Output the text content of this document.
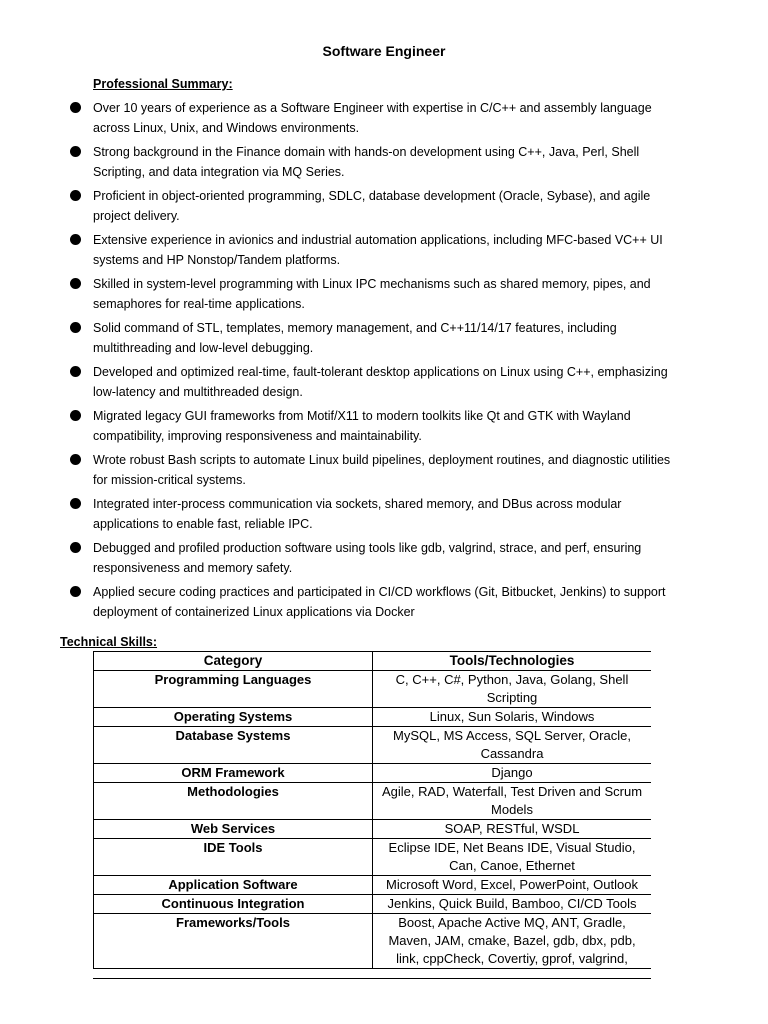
Software Engineer
Professional Summary:
Over 10 years of experience as a Software Engineer with expertise in C/C++ and assembly language across Linux, Unix, and Windows environments.
Strong background in the Finance domain with hands-on development using C++, Java, Perl, Shell Scripting, and data integration via MQ Series.
Proficient in object-oriented programming, SDLC, database development (Oracle, Sybase), and agile project delivery.
Extensive experience in avionics and industrial automation applications, including MFC-based VC++ UI systems and HP Nonstop/Tandem platforms.
Skilled in system-level programming with Linux IPC mechanisms such as shared memory, pipes, and semaphores for real-time applications.
Solid command of STL, templates, memory management, and C++11/14/17 features, including multithreading and low-level debugging.
Developed and optimized real-time, fault-tolerant desktop applications on Linux using C++, emphasizing low-latency and multithreaded design.
Migrated legacy GUI frameworks from Motif/X11 to modern toolkits like Qt and GTK with Wayland compatibility, improving responsiveness and maintainability.
Wrote robust Bash scripts to automate Linux build pipelines, deployment routines, and diagnostic utilities for mission-critical systems.
Integrated inter-process communication via sockets, shared memory, and DBus across modular applications to enable fast, reliable IPC.
Debugged and profiled production software using tools like gdb, valgrind, strace, and perf, ensuring responsiveness and memory safety.
Applied secure coding practices and participated in CI/CD workflows (Git, Bitbucket, Jenkins) to support deployment of containerized Linux applications via Docker
Technical Skills:
Category	Tools/Technologies
Programming Languages	C, C++, C#, Python, Java, Golang, Shell Scripting
Operating Systems	Linux, Sun Solaris, Windows
Database Systems	MySQL, MS Access, SQL Server, Oracle, Cassandra
ORM Framework	Django
Methodologies	Agile, RAD, Waterfall, Test Driven and Scrum Models
Web Services	SOAP, RESTful, WSDL
IDE Tools	Eclipse IDE, Net Beans IDE, Visual Studio, Can, Canoe, Ethernet
Application Software	Microsoft Word, Excel, PowerPoint, Outlook
Continuous Integration	Jenkins, Quick Build, Bamboo, CI/CD Tools
Frameworks/Tools	Boost, Apache Active MQ, ANT, Gradle, Maven, JAM, cmake, Bazel, gdb, dbx, pdb, link, cppCheck, Covertiy, gprof, valgrind,
